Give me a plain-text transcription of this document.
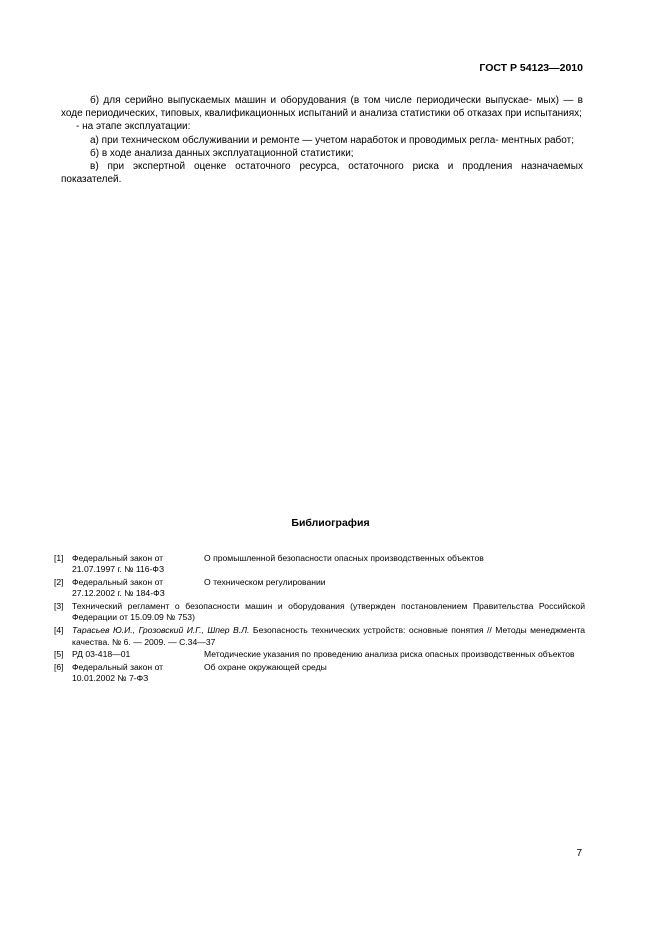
ГОСТ Р 54123—2010

б) для серийно выпускаемых машин и оборудования (в том числе периодически выпускае- мых) — в ходе периодических, типовых, квалификационных испытаний и анализа статистики об отказах при испытаниях;

- на этапе эксплуатации:

а) при техническом обслуживании и ремонте — учетом наработок и проводимых регла- ментных работ;

б) в ходе анализа данных эксплуатационной статистики;

в) при экспертной оценке остаточного ресурса, остаточного риска и продления назначаемых показателей.

Библиография
[1] Федеральный закон от 21.07.1997 г. № 116-ФЗ
О промышленной безопасности опасных производственных объектов
[2] Федеральный закон от 27.12.2002 г. № 184-ФЗ
О техническом регулировании
[3] Технический регламент о безопасности машин и оборудования (утвержден постановлением Правительства Российской Федерации от 15.09.09 № 753)
[4] Тарасьев Ю.И., Грозовский И.Г., Шпер В.Л. Безопасность технических устройств: основные понятия // Методы менеджмента качества. № 6. — 2009. — С.34—37
[5] РД 03-418—01	Методические указания по проведению анализа риска опасных производственных объектов
[6] Федеральный закон от 10.01.2002 № 7-ФЗ
Об охране окружающей среды
7
